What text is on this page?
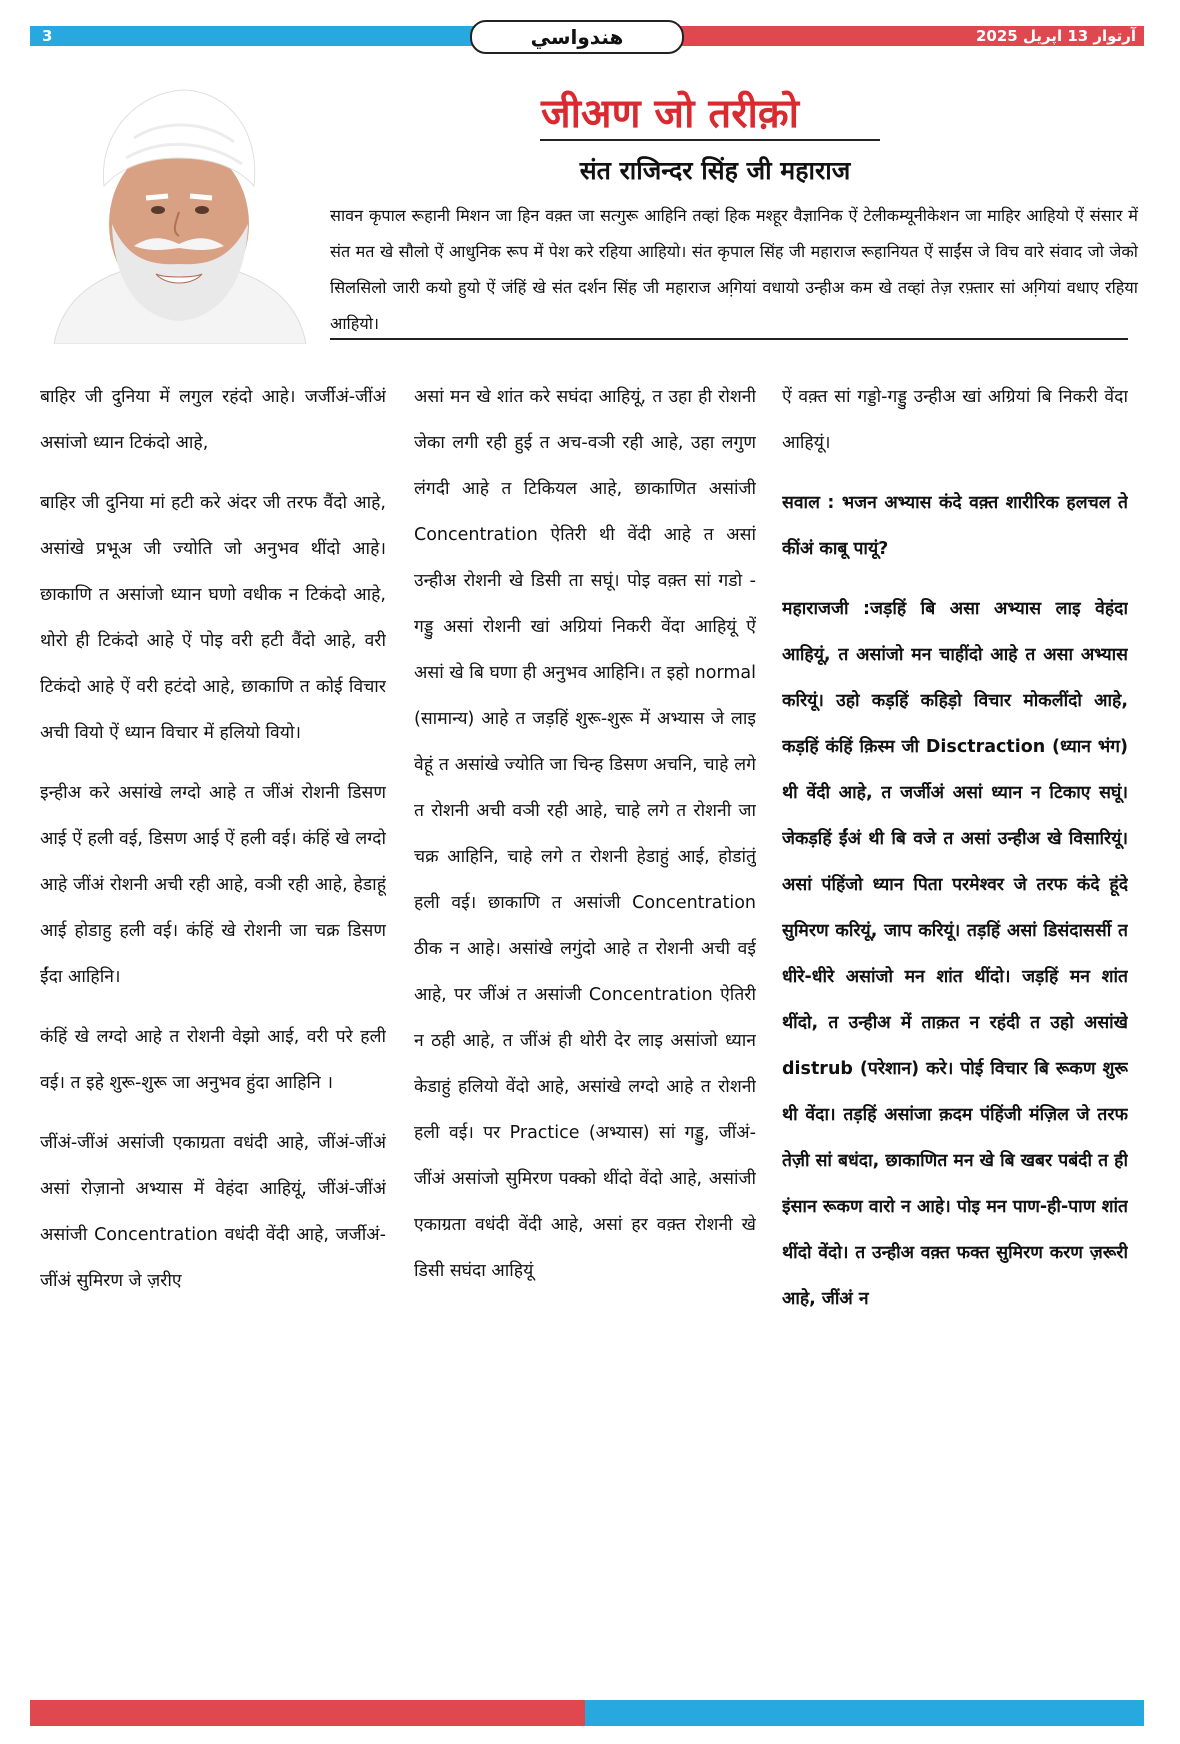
3	آرتوار 13 اپريل 2025
هندواسي
जीअण जो तरीक़ो
संत राजिन्दर सिंह जी महाराज

सावन कृपाल रूहानी मिशन जा हिन वक़्त जा सत्गुरू आहिनि तव्हां हिक मश्हूर वैज्ञानिक ऐं टेलीकम्यूनीकेशन जा माहिर आहियो ऐं संसार में संत मत खे सौलो ऐं आधुनिक रूप में पेश करे रहिया आहियो। संत कृपाल सिंह जी महाराज रूहानियत ऐं साईंस जे विच वारे संवाद जो जेको सिलसिलो जारी कयो हुयो ऐं जंहिं खे संत दर्शन सिंह जी महाराज अगि़यां वधायो उन्हीअ कम खे तव्हां तेज़ रफ़्तार सां अगि़यां वधाए रहिया आहियो।

बाहिर जी दुनिया में लगुल रहंदो आहे। जर्जीअं-जींअं असांजो ध्यान टिकंदो आहे,

बाहिर जी दुनिया मां हटी करे अंदर जी तरफ वैंदो आहे, असांखे प्रभूअ जी ज्योति जो अनुभव थींदो आहे। छाकाणि त असांजो ध्यान घणो वधीक न टिकंदो आहे, थोरो ही टिकंदो आहे ऐं पोइ वरी हटी वैंदो आहे, वरी टिकंदो आहे ऐं वरी हटंदो आहे, छाकाणि त कोई विचार अची वियो ऐं ध्यान विचार में हलियो वियो।

इन्हीअ करे असांखे लग्दो आहे त जींअं रोशनी डिसण आई ऐं हली वई, डिसण आई ऐं हली वई। कंहिं खे लग्दो आहे जींअं रोशनी अची रही आहे, वञी रही आहे, हेडाहूं आई होडाहु हली वई। कंहिं खे रोशनी जा चक्र डिसण ईंदा आहिनि।

कंहिं खे लग्दो आहे त रोशनी वेझो आई, वरी परे हली वई। त इहे शुरू-शुरू जा अनुभव हुंदा आहिनि ।

जींअं-जींअं असांजी एकाग्रता वधंदी आहे, जींअं-जींअं असां रोज़ानो अभ्यास में वेहंदा आहियूं, जींअं-जींअं असांजी Concentration वधंदी वेंदी आहे, जर्जीअं-जींअं सुमिरण जे ज़रीए

असां मन खे शांत करे सघंदा आहियूं, त उहा ही रोशनी जेका लगी रही हुई त अच-वञी रही आहे, उहा लगुण लंगदी आहे त टिकियल आहे, छाकाणित असांजी Concentration ऐतिरी थी वेंदी आहे त असां उन्हीअ रोशनी खे डिसी ता सघूं। पोइ वक़्त सां गडो - गड्डु असां रोशनी खां अग्रियां निकरी वेंदा आहियूं ऐं असां खे बि घणा ही अनुभव आहिनि। त इहो normal (सामान्य) आहे त जड़हिं शुरू-शुरू में अभ्यास जे लाइ वेहूं त असांखे ज्योति जा चिन्ह डिसण अचनि, चाहे लगे त रोशनी अची वञी रही आहे, चाहे लगे त रोशनी जा चक्र आहिनि, चाहे लगे त रोशनी हेडाहुं आई, होडांतुं हली वई। छाकाणि त असांजी Concentration ठीक न आहे। असांखे लगुंदो आहे त रोशनी अची वई आहे, पर जींअं त असांजी Concentration ऐतिरी न ठही आहे, त जींअं ही थोरी देर लाइ असांजो ध्यान केडाहुं हलियो वेंदो आहे, असांखे लग्दो आहे त रोशनी हली वई। पर Practice (अभ्यास) सां गड्डु, जींअं-जींअं असांजो सुमिरण पक्को थींदो वेंदो आहे, असांजी एकाग्रता वधंदी वेंदी आहे, असां हर वक़्त रोशनी खे डिसी सघंदा आहियूं

ऐं वक़्त सां गड्डो-गड्डु उन्हीअ खां अग्रियां बि निकरी वेंदा आहियूं।

सवाल : भजन अभ्यास कंदे वक़्त शारीरिक हलचल ते कींअं काबू पायूं?

महाराजजी :जड़हिं बि असा अभ्यास लाइ वेहंदा आहियूं, त असांजो मन चाहींदो आहे त असा अभ्यास करियूं। उहो कड़हिं कहिड़ो विचार मोकलींदो आहे, कड़हिं कंहिं क़िस्म जी Disctraction (ध्यान भंग) थी वेंदी आहे, त जर्जीअं असां ध्यान न टिकाए सघूं। जेकड़हिं ईंअं थी बि वजे त असां उन्हीअ खे विसारियूं। असां पंहिंजो ध्यान पिता परमेश्वर जे तरफ कंदे हूंदे सुमिरण करियूं, जाप करियूं। तड़हिं असां डिसंदासर्सी त धीरे-धीरे असांजो मन शांत थींदो। जड़हिं मन शांत थींदो, त उन्हीअ में ताक़त न रहंदी त उहो असांखे distrub (परेशान) करे। पोई विचार बि रूकण शुरू थी वेंदा। तड़हिं असांजा क़दम पंहिंजी मंज़िल जे तरफ तेज़ी सां बधंदा, छाकाणित मन खे बि खबर पबंदी त ही इंसान रूकण वारो न आहे। पोइ मन पाण-ही-पाण शांत थींदो वेंदो। त उन्हीअ वक़्त फक्त सुमिरण करण ज़रूरी आहे, जींअं न
